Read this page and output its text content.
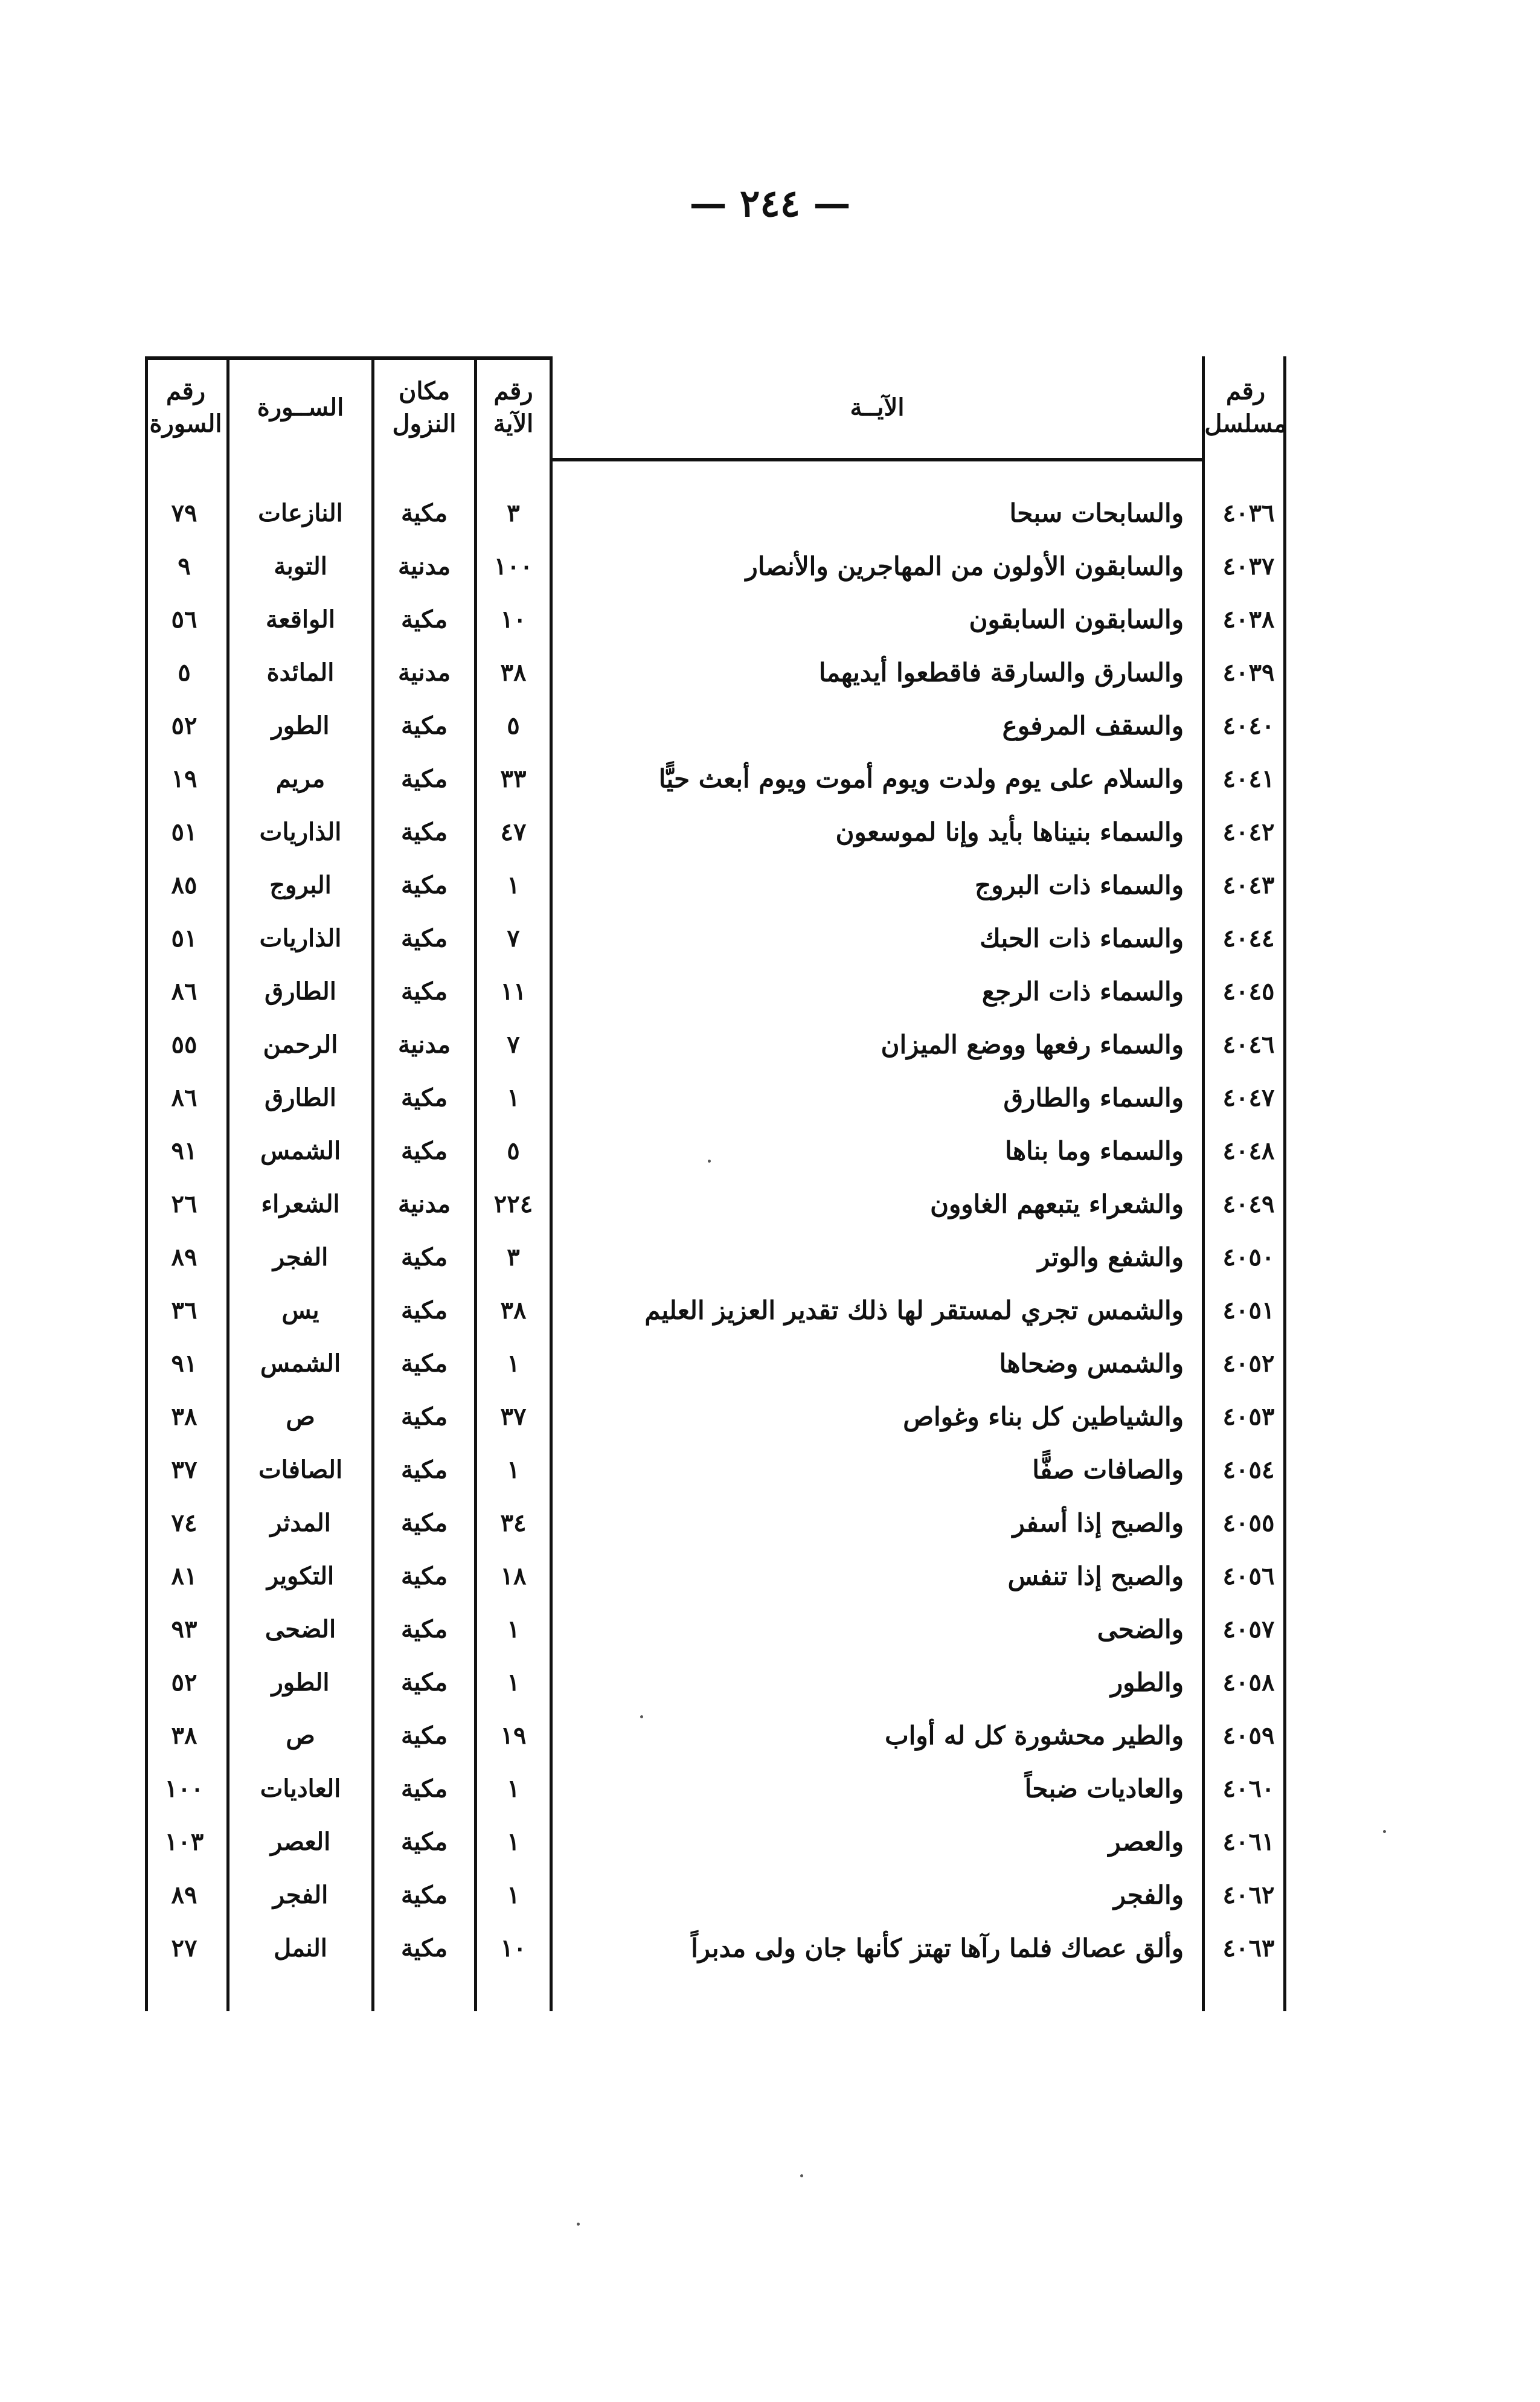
— ٢٤٤ —
رقم
مسلسل
الآيــة
رقم
الآية
مكان
النزول
الســورة
رقم
السورة
٤٠٣٦
والسابحات سبحا
٣
مكية
النازعات
٧٩
٤٠٣٧
والسابقون الأولون من المهاجرين والأنصار
١٠٠
مدنية
التوبة
٩
٤٠٣٨
والسابقون السابقون
١٠
مكية
الواقعة
٥٦
٤٠٣٩
والسارق والسارقة فاقطعوا أيديهما
٣٨
مدنية
المائدة
٥
٤٠٤٠
والسقف المرفوع
٥
مكية
الطور
٥٢
٤٠٤١
والسلام على يوم ولدت ويوم أموت ويوم أبعث حيًّا
٣٣
مكية
مريم
١٩
٤٠٤٢
والسماء بنيناها بأيد وإنا لموسعون
٤٧
مكية
الذاريات
٥١
٤٠٤٣
والسماء ذات البروج
١
مكية
البروج
٨٥
٤٠٤٤
والسماء ذات الحبك
٧
مكية
الذاريات
٥١
٤٠٤٥
والسماء ذات الرجع
١١
مكية
الطارق
٨٦
٤٠٤٦
والسماء رفعها ووضع الميزان
٧
مدنية
الرحمن
٥٥
٤٠٤٧
والسماء والطارق
١
مكية
الطارق
٨٦
٤٠٤٨
والسماء وما بناها
٥
مكية
الشمس
٩١
٤٠٤٩
والشعراء يتبعهم الغاوون
٢٢٤
مدنية
الشعراء
٢٦
٤٠٥٠
والشفع والوتر
٣
مكية
الفجر
٨٩
٤٠٥١
والشمس تجري لمستقر لها ذلك تقدير العزيز العليم
٣٨
مكية
يس
٣٦
٤٠٥٢
والشمس وضحاها
١
مكية
الشمس
٩١
٤٠٥٣
والشياطين كل بناء وغواص
٣٧
مكية
ص
٣٨
٤٠٥٤
والصافات صفًّا
١
مكية
الصافات
٣٧
٤٠٥٥
والصبح إذا أسفر
٣٤
مكية
المدثر
٧٤
٤٠٥٦
والصبح إذا تنفس
١٨
مكية
التكوير
٨١
٤٠٥٧
والضحى
١
مكية
الضحى
٩٣
٤٠٥٨
والطور
١
مكية
الطور
٥٢
٤٠٥٩
والطير محشورة كل له أواب
١٩
مكية
ص
٣٨
٤٠٦٠
والعاديات ضبحاً
١
مكية
العاديات
١٠٠
٤٠٦١
والعصر
١
مكية
العصر
١٠٣
٤٠٦٢
والفجر
١
مكية
الفجر
٨٩
٤٠٦٣
وألق عصاك فلما رآها تهتز كأنها جان ولى مدبراً
١٠
مكية
النمل
٢٧
